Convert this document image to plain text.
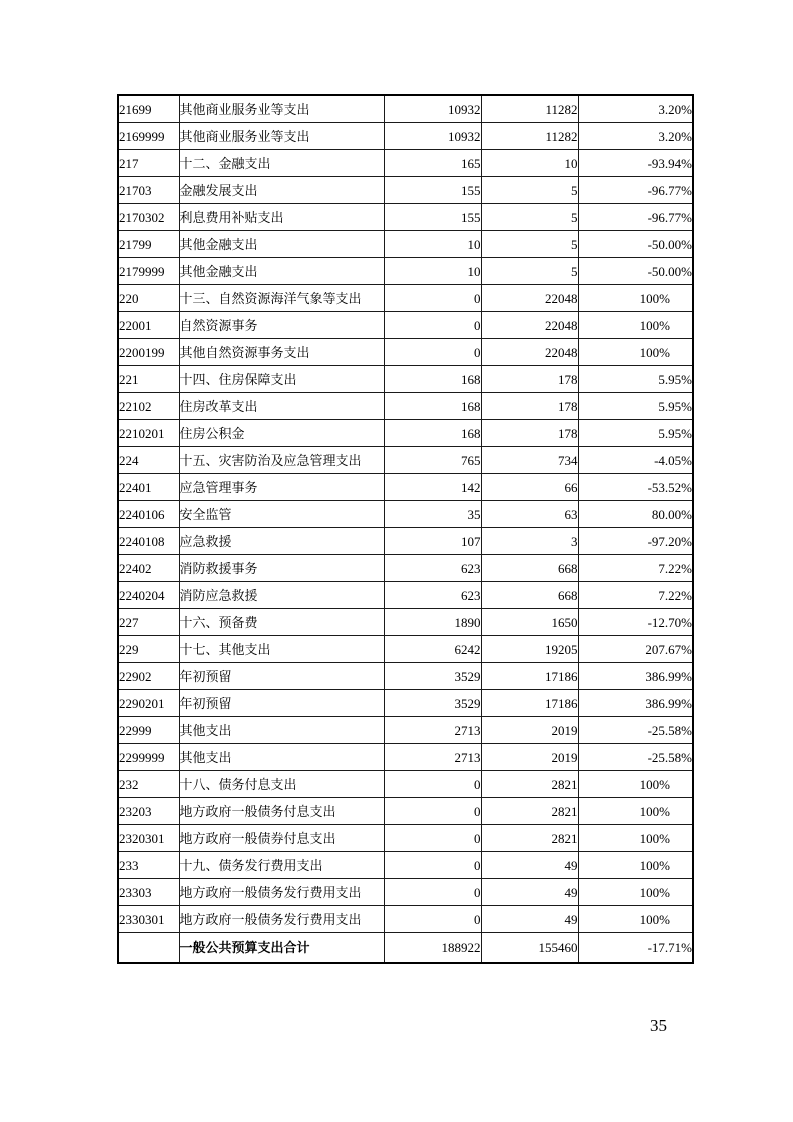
21699	其他商业服务业等支出	10932	11282	3.20%
2169999	其他商业服务业等支出	10932	11282	3.20%
217	十二、金融支出	165	10	-93.94%
21703	金融发展支出	155	5	-96.77%
2170302	利息费用补贴支出	155	5	-96.77%
21799	其他金融支出	10	5	-50.00%
2179999	其他金融支出	10	5	-50.00%
220	十三、自然资源海洋气象等支出	0	22048	100%
22001	自然资源事务	0	22048	100%
2200199	其他自然资源事务支出	0	22048	100%
221	十四、住房保障支出	168	178	5.95%
22102	住房改革支出	168	178	5.95%
2210201	住房公积金	168	178	5.95%
224	十五、灾害防治及应急管理支出	765	734	-4.05%
22401	应急管理事务	142	66	-53.52%
2240106	安全监管	35	63	80.00%
2240108	应急救援	107	3	-97.20%
22402	消防救援事务	623	668	7.22%
2240204	消防应急救援	623	668	7.22%
227	十六、预备费	1890	1650	-12.70%
229	十七、其他支出	6242	19205	207.67%
22902	年初预留	3529	17186	386.99%
2290201	年初预留	3529	17186	386.99%
22999	其他支出	2713	2019	-25.58%
2299999	其他支出	2713	2019	-25.58%
232	十八、债务付息支出	0	2821	100%
23203	地方政府一般债务付息支出	0	2821	100%
2320301	地方政府一般债券付息支出	0	2821	100%
233	十九、债务发行费用支出	0	49	100%
23303	地方政府一般债务发行费用支出	0	49	100%
2330301	地方政府一般债务发行费用支出	0	49	100%
	一般公共预算支出合计	188922	155460	-17.71%
35
